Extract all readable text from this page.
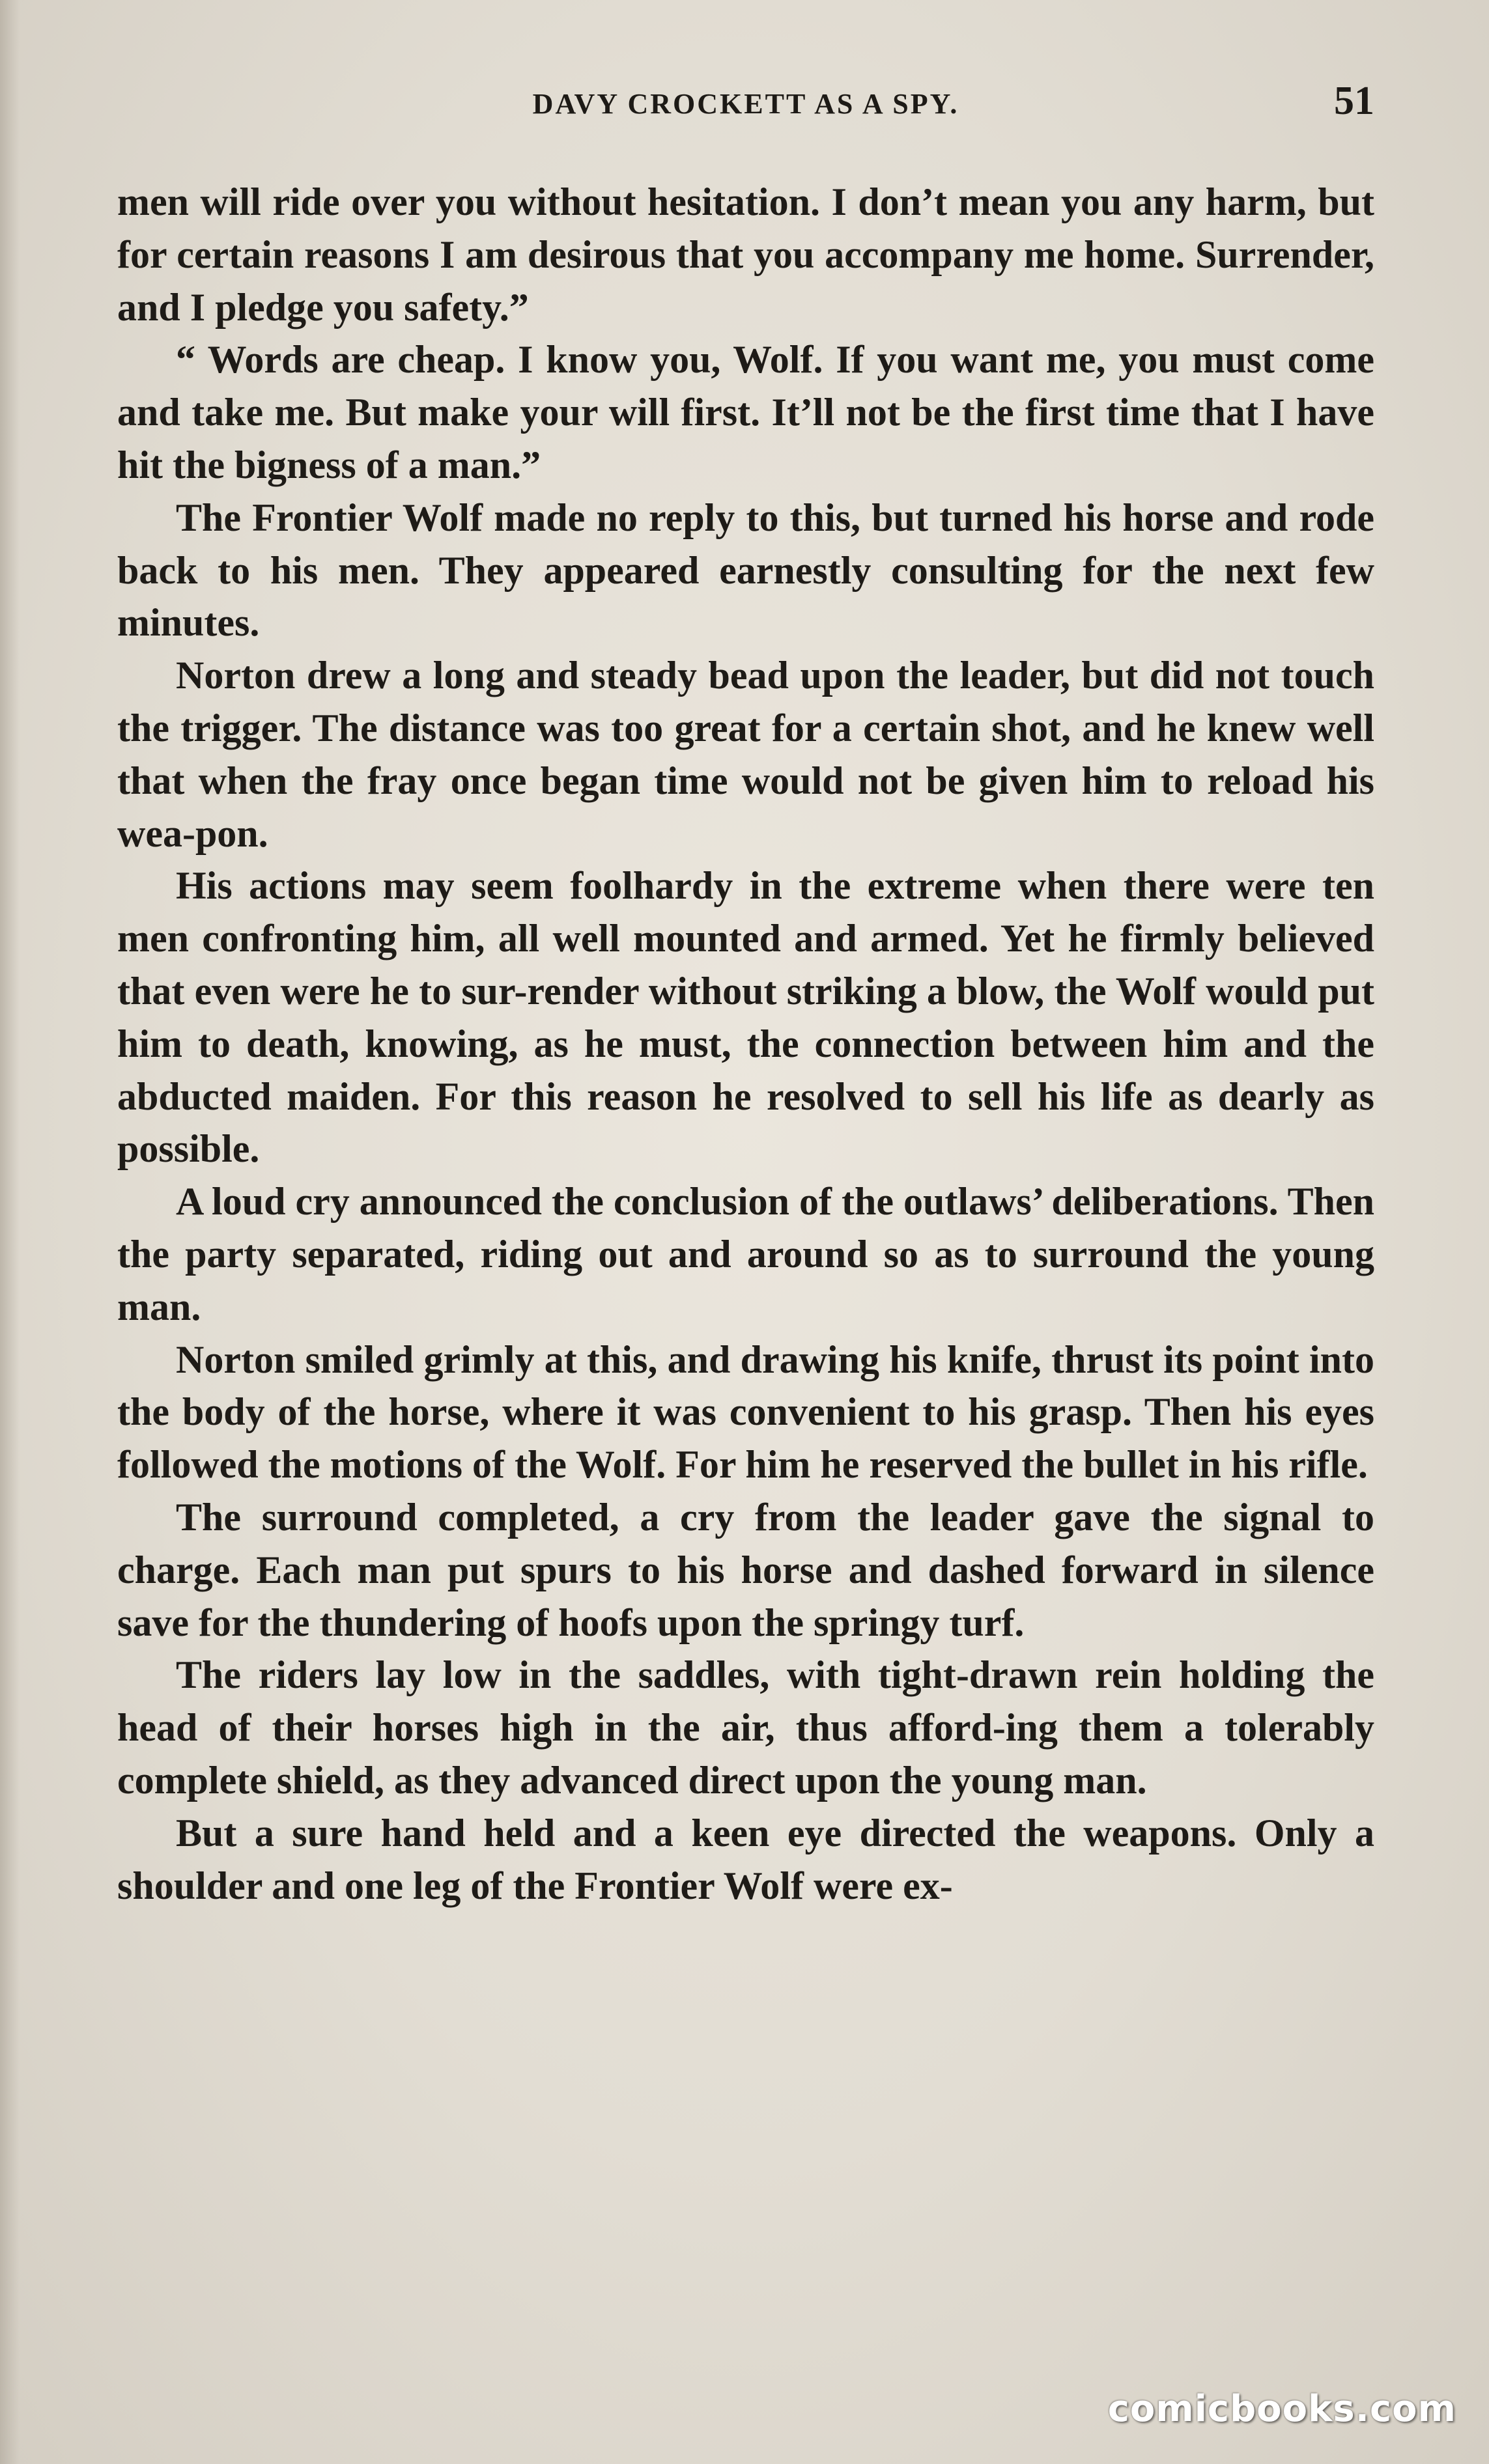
DAVY CROCKETT AS A SPY.	51

men will ride over you without hesitation. I don’t mean you any harm, but for certain reasons I am desirous that you accompany me home. Surrender, and I pledge you safety.”

“ Words are cheap. I know you, Wolf. If you want me, you must come and take me. But make your will first. It’ll not be the first time that I have hit the bigness of a man.”

The Frontier Wolf made no reply to this, but turned his horse and rode back to his men. They appeared earnestly consulting for the next few minutes.

Norton drew a long and steady bead upon the leader, but did not touch the trigger. The distance was too great for a certain shot, and he knew well that when the fray once began time would not be given him to reload his wea-pon.

His actions may seem foolhardy in the extreme when there were ten men confronting him, all well mounted and armed. Yet he firmly believed that even were he to sur-render without striking a blow, the Wolf would put him to death, knowing, as he must, the connection between him and the abducted maiden. For this reason he resolved to sell his life as dearly as possible.

A loud cry announced the conclusion of the outlaws’ deliberations. Then the party separated, riding out and around so as to surround the young man.

Norton smiled grimly at this, and drawing his knife, thrust its point into the body of the horse, where it was convenient to his grasp. Then his eyes followed the motions of the Wolf. For him he reserved the bullet in his rifle.

The surround completed, a cry from the leader gave the signal to charge. Each man put spurs to his horse and dashed forward in silence save for the thundering of hoofs upon the springy turf.

The riders lay low in the saddles, with tight-drawn rein holding the head of their horses high in the air, thus afford-ing them a tolerably complete shield, as they advanced direct upon the young man.

But a sure hand held and a keen eye directed the weapons. Only a shoulder and one leg of the Frontier Wolf were ex-

comicbooks.com
